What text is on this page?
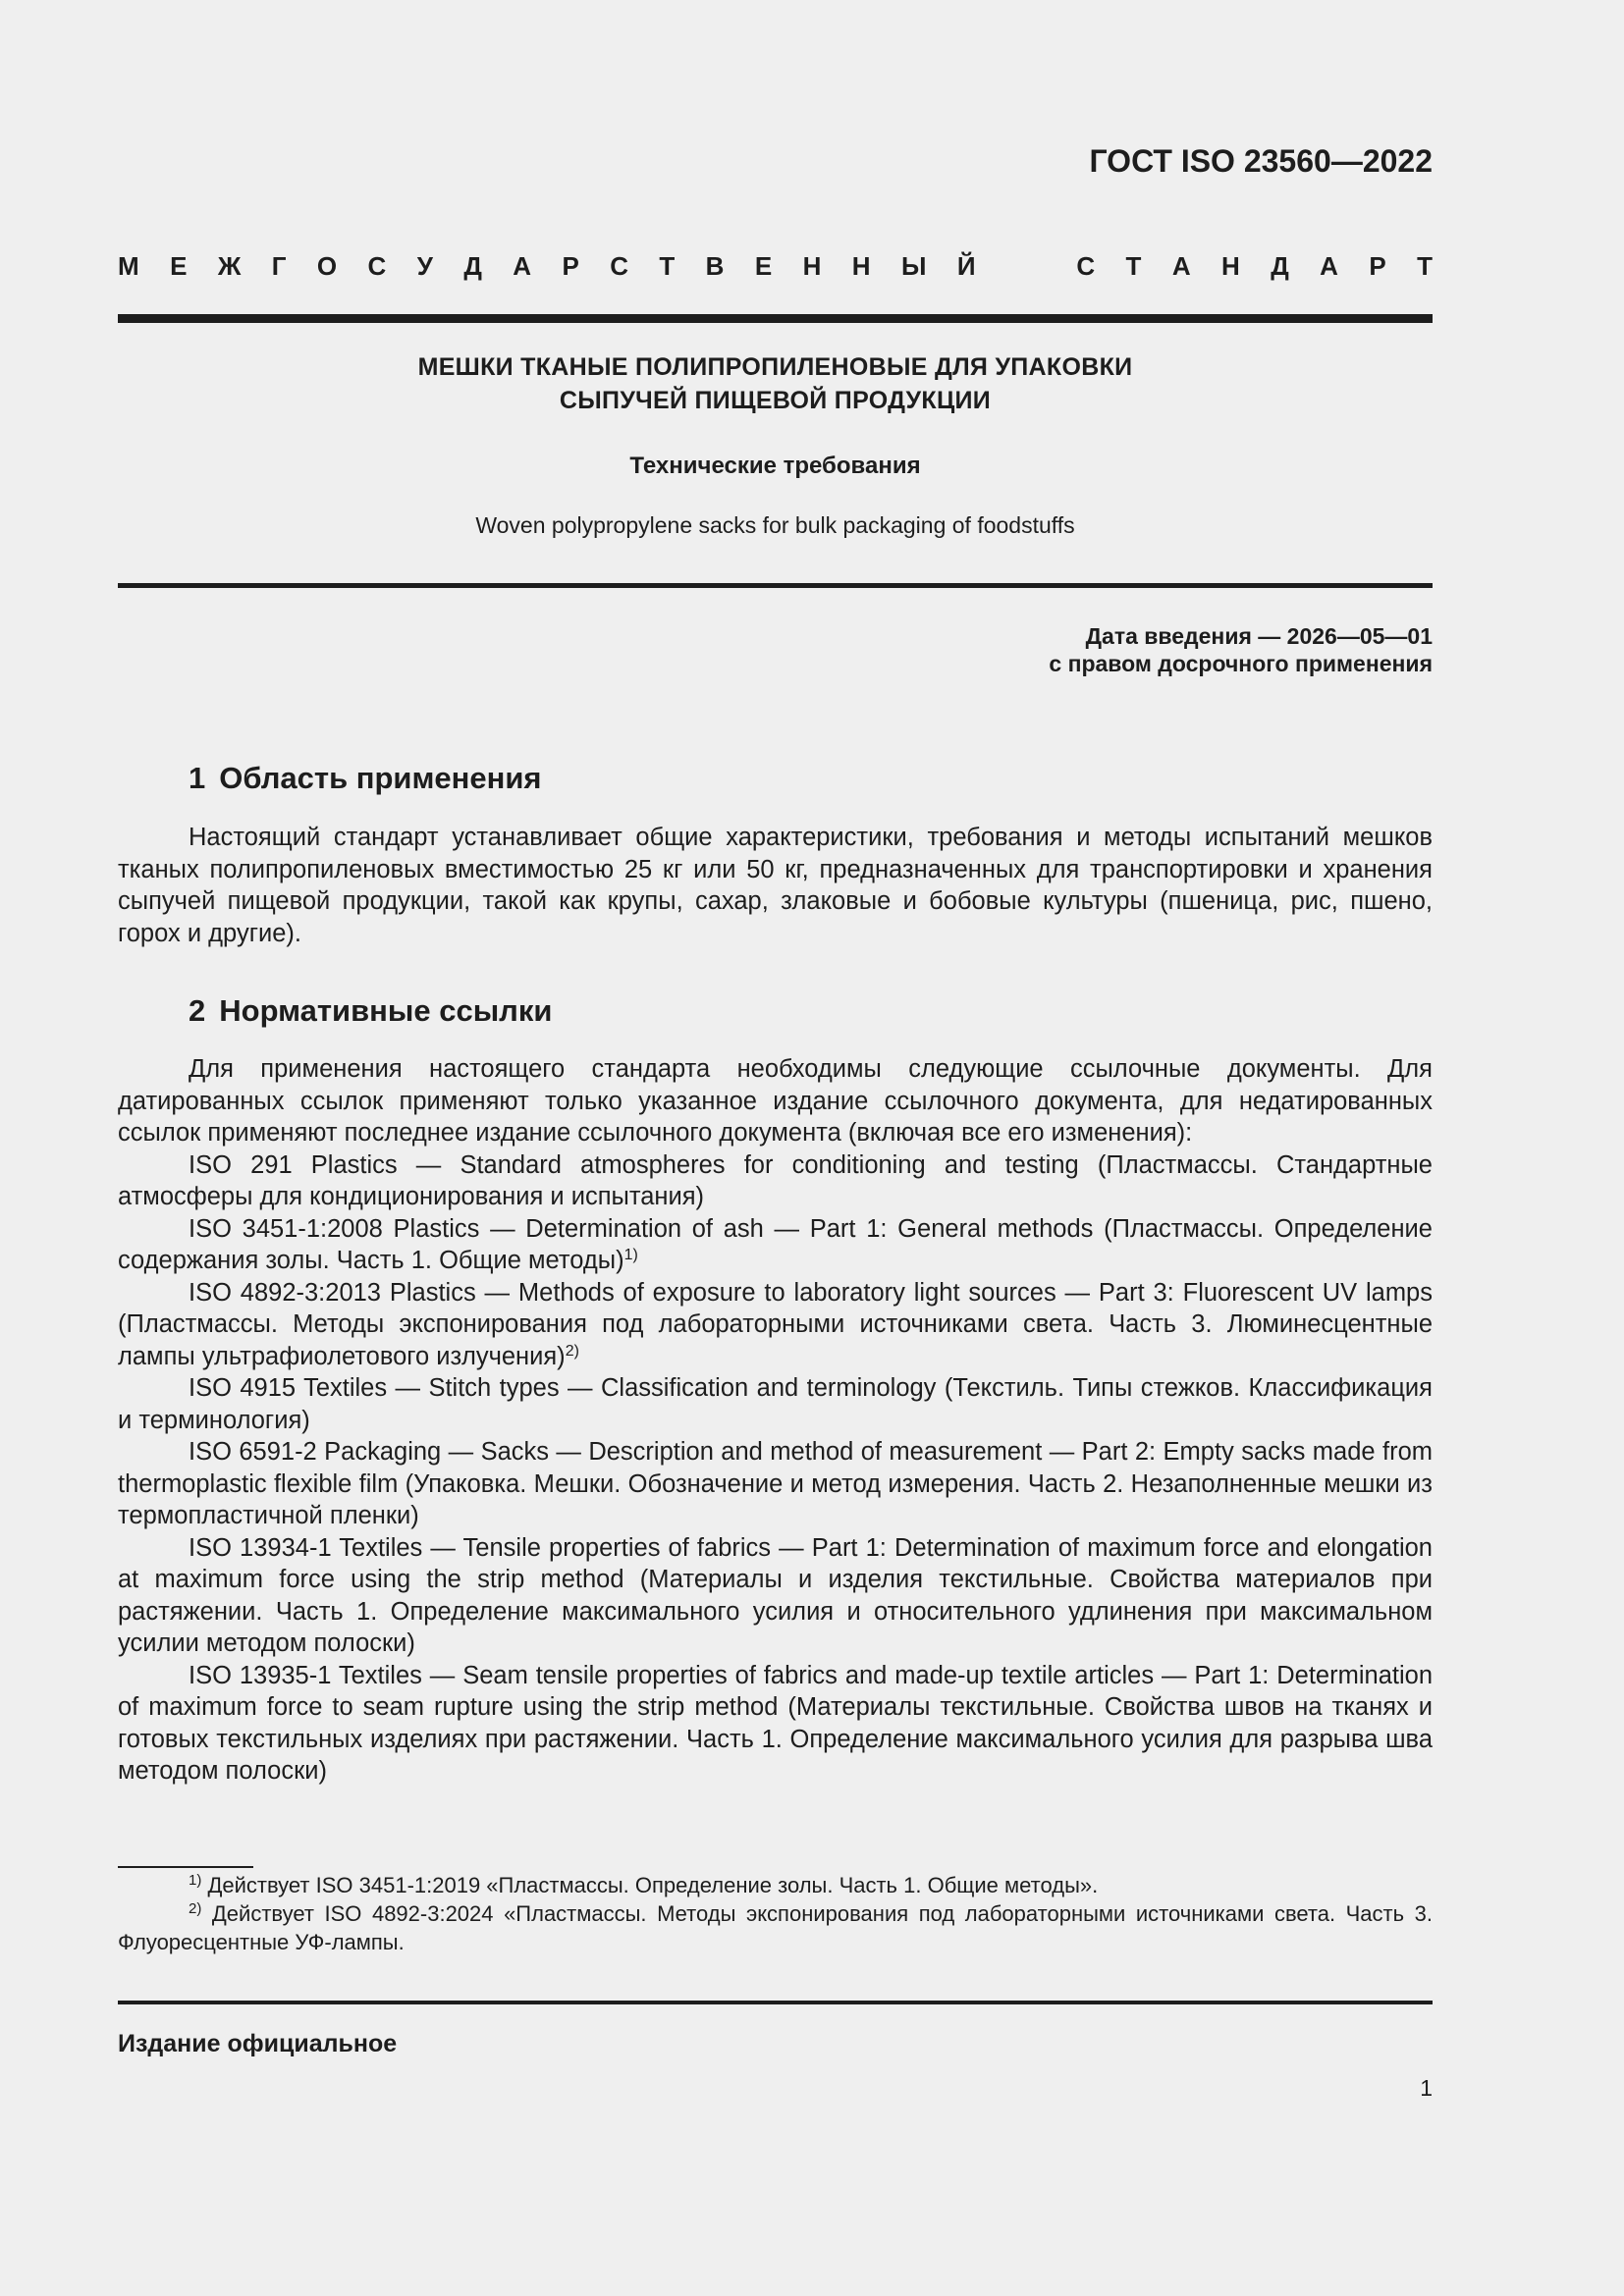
ГОСТ ISO 23560—2022
М Е Ж Г О С У Д А Р С Т В Е Н Н Ы Й	С Т А Н Д А Р Т
МЕШКИ ТКАНЫЕ ПОЛИПРОПИЛЕНОВЫЕ ДЛЯ УПАКОВКИ
СЫПУЧЕЙ ПИЩЕВОЙ ПРОДУКЦИИ
Технические требования
Woven polypropylene sacks for bulk packaging of foodstuffs
Дата введения — 2026—05—01
с правом досрочного применения
1 Область применения

Настоящий стандарт устанавливает общие характеристики, требования и методы испытаний мешков тканых полипропиленовых вместимостью 25 кг или 50 кг, предназначенных для транспортировки и хранения сыпучей пищевой продукции, такой как крупы, сахар, злаковые и бобовые культуры (пшеница, рис, пшено, горох и другие).

2 Нормативные ссылки

Для применения настоящего стандарта необходимы следующие ссылочные документы. Для датированных ссылок применяют только указанное издание ссылочного документа, для недатированных ссылок применяют последнее издание ссылочного документа (включая все его изменения):

ISO 291 Plastics — Standard atmospheres for conditioning and testing (Пластмассы. Стандартные атмосферы для кондиционирования и испытания)

ISO 3451-1:2008 Plastics — Determination of ash — Part 1: General methods (Пластмассы. Определение содержания золы. Часть 1. Общие методы)$^{1)}$

ISO 4892-3:2013 Plastics — Methods of exposure to laboratory light sources — Part 3: Fluorescent UV lamps (Пластмассы. Методы экспонирования под лабораторными источниками света. Часть 3. Люминесцентные лампы ультрафиолетового излучения)$^{2)}$

ISO 4915 Textiles — Stitch types — Classification and terminology (Текстиль. Типы стежков. Классификация и терминология)

ISO 6591-2 Packaging — Sacks — Description and method of measurement — Part 2: Empty sacks made from thermoplastic flexible film (Упаковка. Мешки. Обозначение и метод измерения. Часть 2. Незаполненные мешки из термопластичной пленки)

ISO 13934-1 Textiles — Tensile properties of fabrics — Part 1: Determination of maximum force and elongation at maximum force using the strip method (Материалы и изделия текстильные. Свойства материалов при растяжении. Часть 1. Определение максимального усилия и относительного удлинения при максимальном усилии методом полоски)

ISO 13935-1 Textiles — Seam tensile properties of fabrics and made-up textile articles — Part 1: Determination of maximum force to seam rupture using the strip method (Материалы текстильные. Свойства швов на тканях и готовых текстильных изделиях при растяжении. Часть 1. Определение максимального усилия для разрыва шва методом полоски)

$^{1)}$ Действует ISO 3451-1:2019 «Пластмассы. Определение золы. Часть 1. Общие методы».

$^{2)}$ Действует ISO 4892-3:2024 «Пластмассы. Методы экспонирования под лабораторными источниками света. Часть 3. Флуоресцентные УФ-лампы.

Издание официальное
1
